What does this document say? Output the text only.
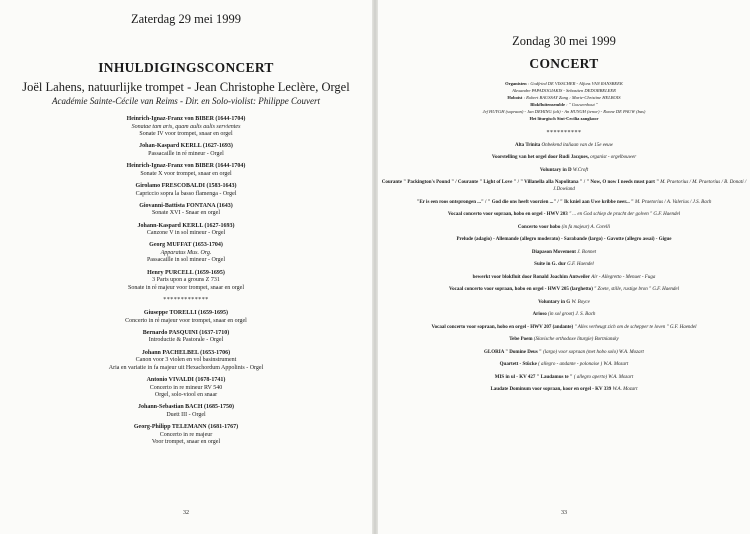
Zaterdag 29 mei 1999
INHULDIGINGSCONCERT
Joël Lahens, natuurlijke trompet - Jean Christophe Leclère, Orgel
Académie Sainte-Cécile van Reims - Dir. en Solo-violist: Philippe Couvert
Heinrich-Ignaz-Franz von BIBER (1644-1704)
Sonatae tam aris, quam aulis aulis servientes
Sonate IV voor trompet, snaar en orgel
Johan-Kaspard KERLL (1627-1693)
Passacaille in ré mineur - Orgel
Heinrich-Ignaz-Franz von BIBER (1644-1704)
Sonate X voor trompet, snaar en orgel
Girolamo FRESCOBALDI (1583-1643)
Capriccio sopra la basso flamenga - Orgel
Giovanni-Battista FONTANA (1643)
Sonate XVI - Snaar en orgel
Johann-Kaspard KERLL (1627-1693)
Canzone V in sol mineur - Orgel
Georg MUFFAT (1653-1704)
Apparatus Mus. Org.
Passacaille in sol mineur - Orgel
Henry PURCELL (1659-1695)
3 Parts upon a grouns Z 731
Sonate in ré majeur voor trompet, snaar en orgel
*************
Giuseppe TORELLI (1659-1695)
Concerto in ré majeur voor trompet, snaar en orgel
Bernardo PASQUINI (1637-1710)
Introductie & Pastorale - Orgel
Johann PACHELBEL (1653-1706)
Canon voor 3 violen en vol basinstrument
Aria en variatie in fa majeur uit Hexachordum Appolinis - Orgel
Antonio VIVALDI (1678-1741)
Concerto in re mineur RV 540
Orgel, solo-viool en snaar
Johann-Sebastian BACH (1685-1750)
Duett III - Orgel
Georg-Philipp TELEMANN (1681-1767)
Concerto in re majeur
Voor trompet, snaar en orgel
32
Zondag 30 mei 1999
CONCERT
Organisten : Godfried DE VISSCHER - Alfons VAN RANSBEEK
Alexandre PAPADOGIAKIS - Sebastien DEDORBELEER
Hoboïst : Robert BAUSSAY Zang : Marie-Christine HELBOIS
Blokfluitensemble : " Gouwenhout "
Jef HUYGH (sopraan) - Jan DEHING (alt) - An HUYGH (tenor) - Ronne DE PAUW (bas)
Het liturgisch Sint-Cecilia zangkoor
**********
Alta Trinita Onbekend italiaan van de 15e eeuw
Voorstelling van het orgel door Rudi Jacques, organist - orgelbouwer
Voluntary in D W.Croft
Courante " Packington's Pound " / Courante " Light of Love " / " Villanella alla Napolitana " / " Now, O now I needs must part " M. Praetorius / M. Praetorius / B. Donati / J.Dowland
"Er is een roos ontsprongen ..." / " God die ons heeft voorzien ..." / " Ik kniel aan Uwe kribbe neer... " M. Praetorius / A. Valerius / J.S. Bach
Vocaal concerto voor sopraan, hobo en orgel - HWV 203 " ... en God schiep de pracht der golven " G.F. Haendel
Concerto voor hobo (in fa majeur) A. Corelli
Prelude (adagio) - Allemande (allegro moderato) - Sarabande (largo) - Gavotte (allegro assai) - Gigue
Diapason Movement J. Bonnet
Suite in G. dur G.F. Haendel
bewerkt voor blokfluit door Ronald Joachim Antweiler Air - Allegretto - Menuet - Fuga
Vocaal concerto voor sopraan, hobo en orgel - HWV 205 (larghetto) " Zoete, stille, rustige bron " G.F. Haendel
Voluntary in G W. Boyce
Arioso (in sol groot) J. S. Bach
Vocaal concerto voor sopraan, hobo en orgel - HWV 207 (andante) " Alles verheugt zich om de schepper te loven " G.F. Haendel
Tebe Poem (Slavische orthodoxe liturgie) Bortniansky
GLORIA " Domine Deus " (largo) voor sopraan (met hobo solo) W.A. Mozart
Quartett - Stücke ( allegro - andante - polonaise ) W.A. Mozart
MIS in ul - KV 427 " Laudamus te " ( allegro aperto) W.A. Mozart
Laudate Dominum voor sopraan, koor en orgel - KV 339 W.A. Mozart
33
